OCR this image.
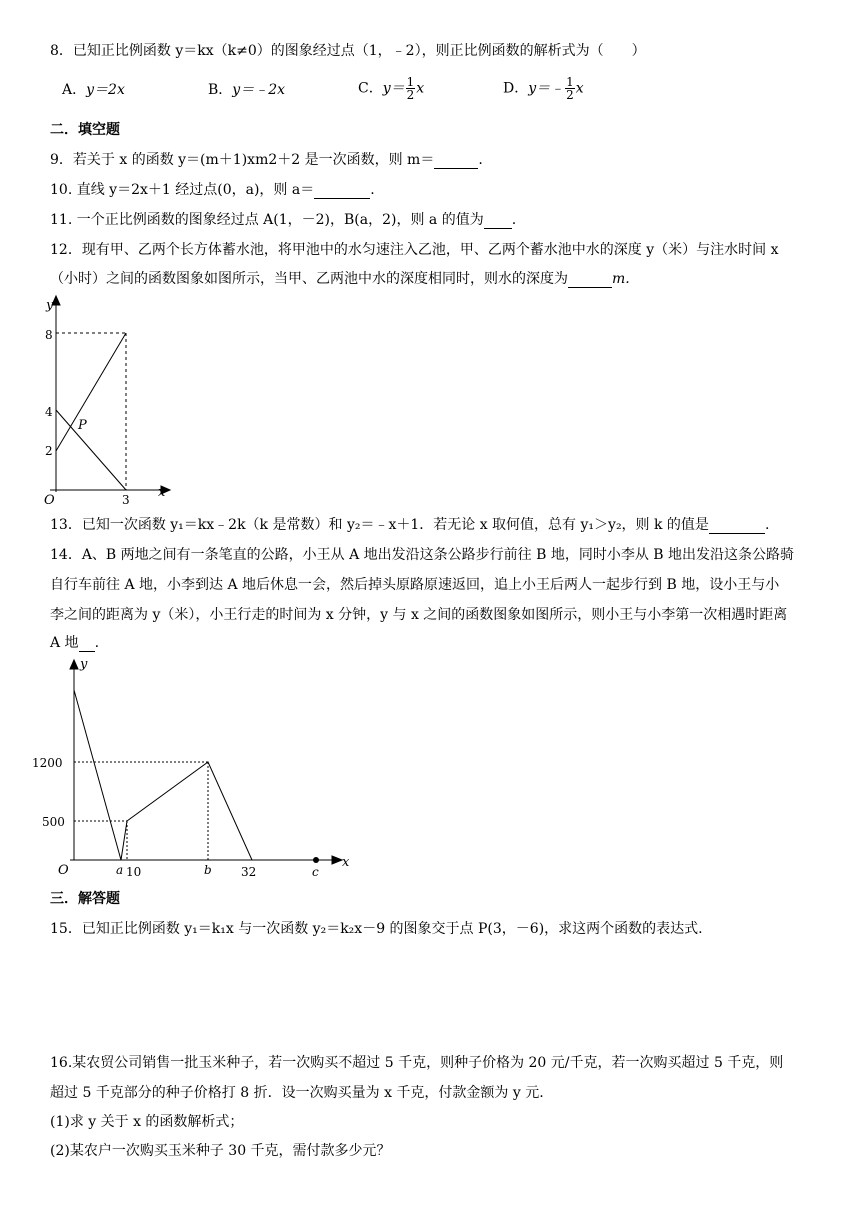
8．已知正比例函数 y＝kx（k≠0）的图象经过点（1，﹣2），则正比例函数的解析式为（　　）
A．y＝2x	B．y＝﹣2x	C．$y= \frac{1}{2}$ x	D．y＝﹣ $\frac{1}{2}$ x
二．填空题
9．若关于 x 的函数 y＝(m＋1)xm2＋2 是一次函数，则 m＝	.
10. 直线 y＝2x＋1 经过点(0，a)，则 a＝	.
11. 一个正比例函数的图象经过点 A(1，－2)，B(a，2)，则 a 的值为 .
12．现有甲、乙两个长方体蓄水池，将甲池中的水匀速注入乙池，甲、乙两个蓄水池中水的深度 y（米）与注水时间 x
（小时）之间的函数图象如图所示，当甲、乙两池中水的深度相同时，则水的深度为	m.
y
x
O
8
4
2
3
P
13．已知一次函数 y₁＝kx﹣2k（k 是常数）和 y₂＝﹣x＋1．若无论 x 取何值，总有 y₁＞y₂，则 k 的值是	.
14．A、B 两地之间有一条笔直的公路，小王从 A 地出发沿这条公路步行前往 B 地，同时小李从 B 地出发沿这条公路骑
自行车前往 A 地，小李到达 A 地后休息一会，然后掉头原路原速返回，追上小王后两人一起步行到 B 地，设小王与小
李之间的距离为 y（米），小王行走的时间为 x 分钟，y 与 x 之间的函数图象如图所示，则小王与小李第一次相遇时距离
A 地 .
1200
500
y
x
O	a 10	b 32	c
三．解答题
15．已知正比例函数 y₁＝k₁x 与一次函数 y₂＝k₂x－9 的图象交于点 P(3，－6)，求这两个函数的表达式.
16.某农贸公司销售一批玉米种子，若一次购买不超过 5 千克，则种子价格为 20 元/千克，若一次购买超过 5 千克，则
超过 5 千克部分的种子价格打 8 折．设一次购买量为 x 千克，付款金额为 y 元.
(1)求 y 关于 x 的函数解析式；
(2)某农户一次购买玉米种子 30 千克，需付款多少元？
